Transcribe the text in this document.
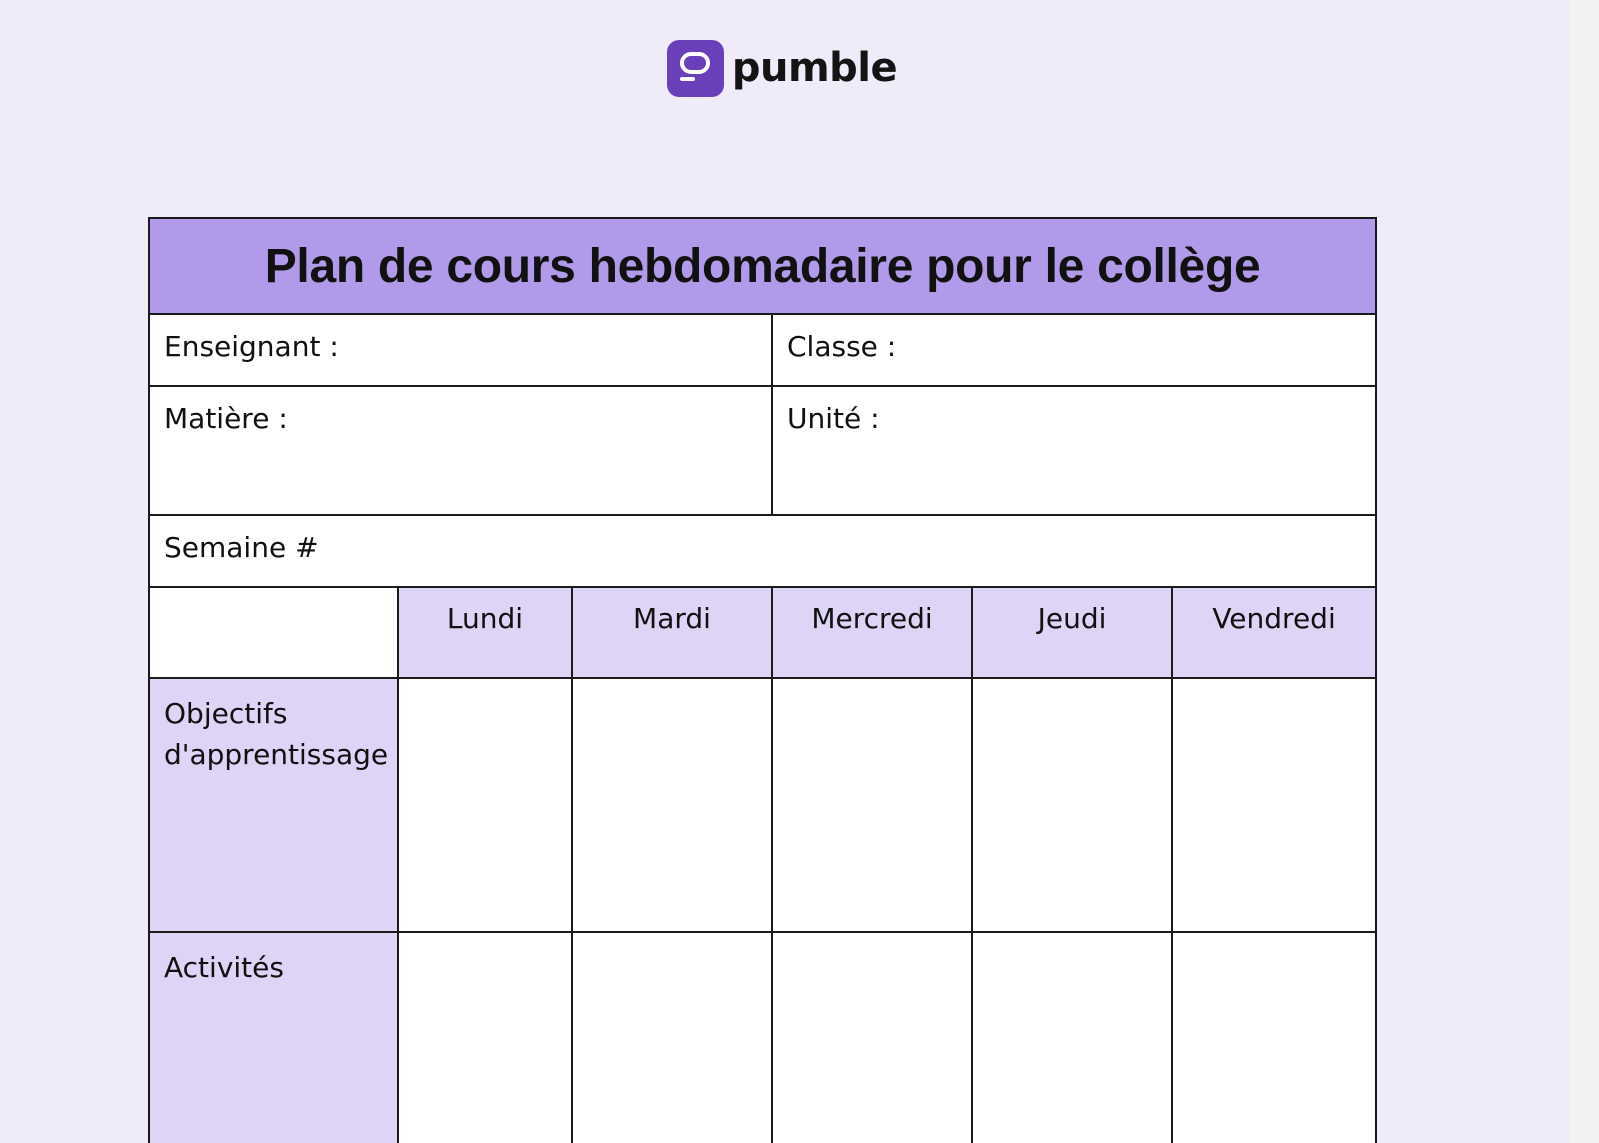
pumble
Plan de cours hebdomadaire pour le collège					
Enseignant :			Classe :		
Matière :			Unité :		
Semaine #					
	Lundi	Mardi	Mercredi	Jeudi	Vendredi
Objectifs d'apprentissage					
Activités					
